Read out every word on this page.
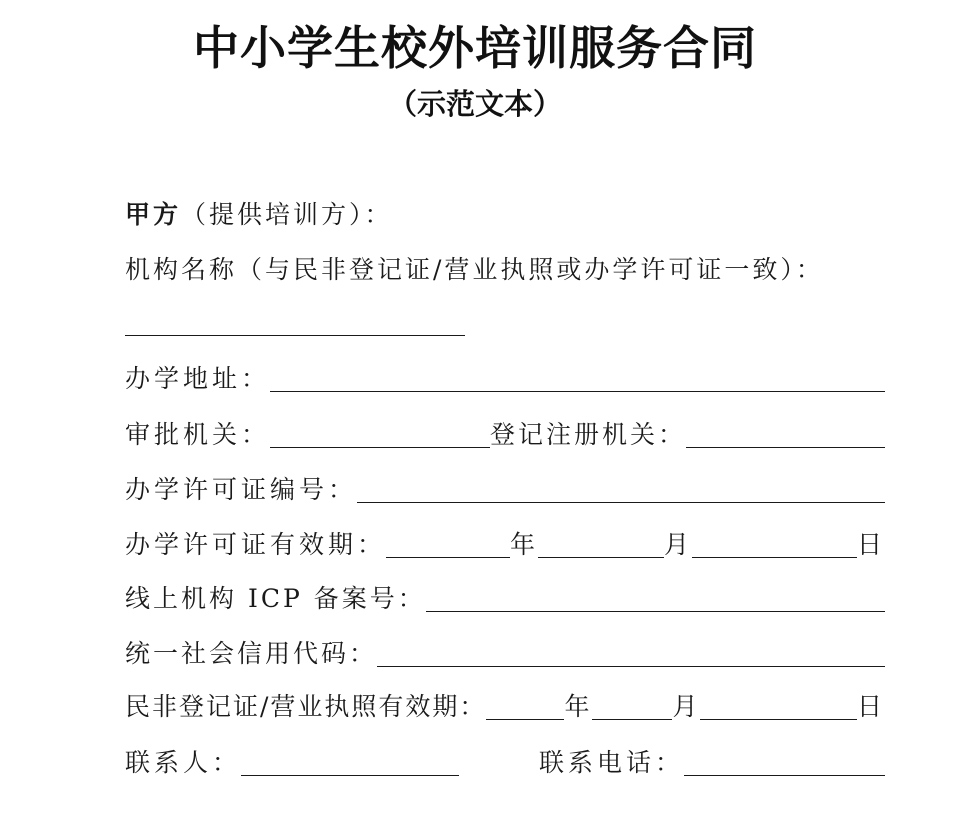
中小学生校外培训服务合同
（示范文本）
甲方 （提供培训方）：
机构名称（与民非登记证/营业执照或办学许可证一致）：
办学地址：
审批机关：	登记注册机关：
办学许可证编号：
办学许可证有效期：	年	月	日
线上机构 ICP 备案号：
统一社会信用代码：
民非登记证/营业执照有效期：	年	月	日
联系人：	联系电话：
